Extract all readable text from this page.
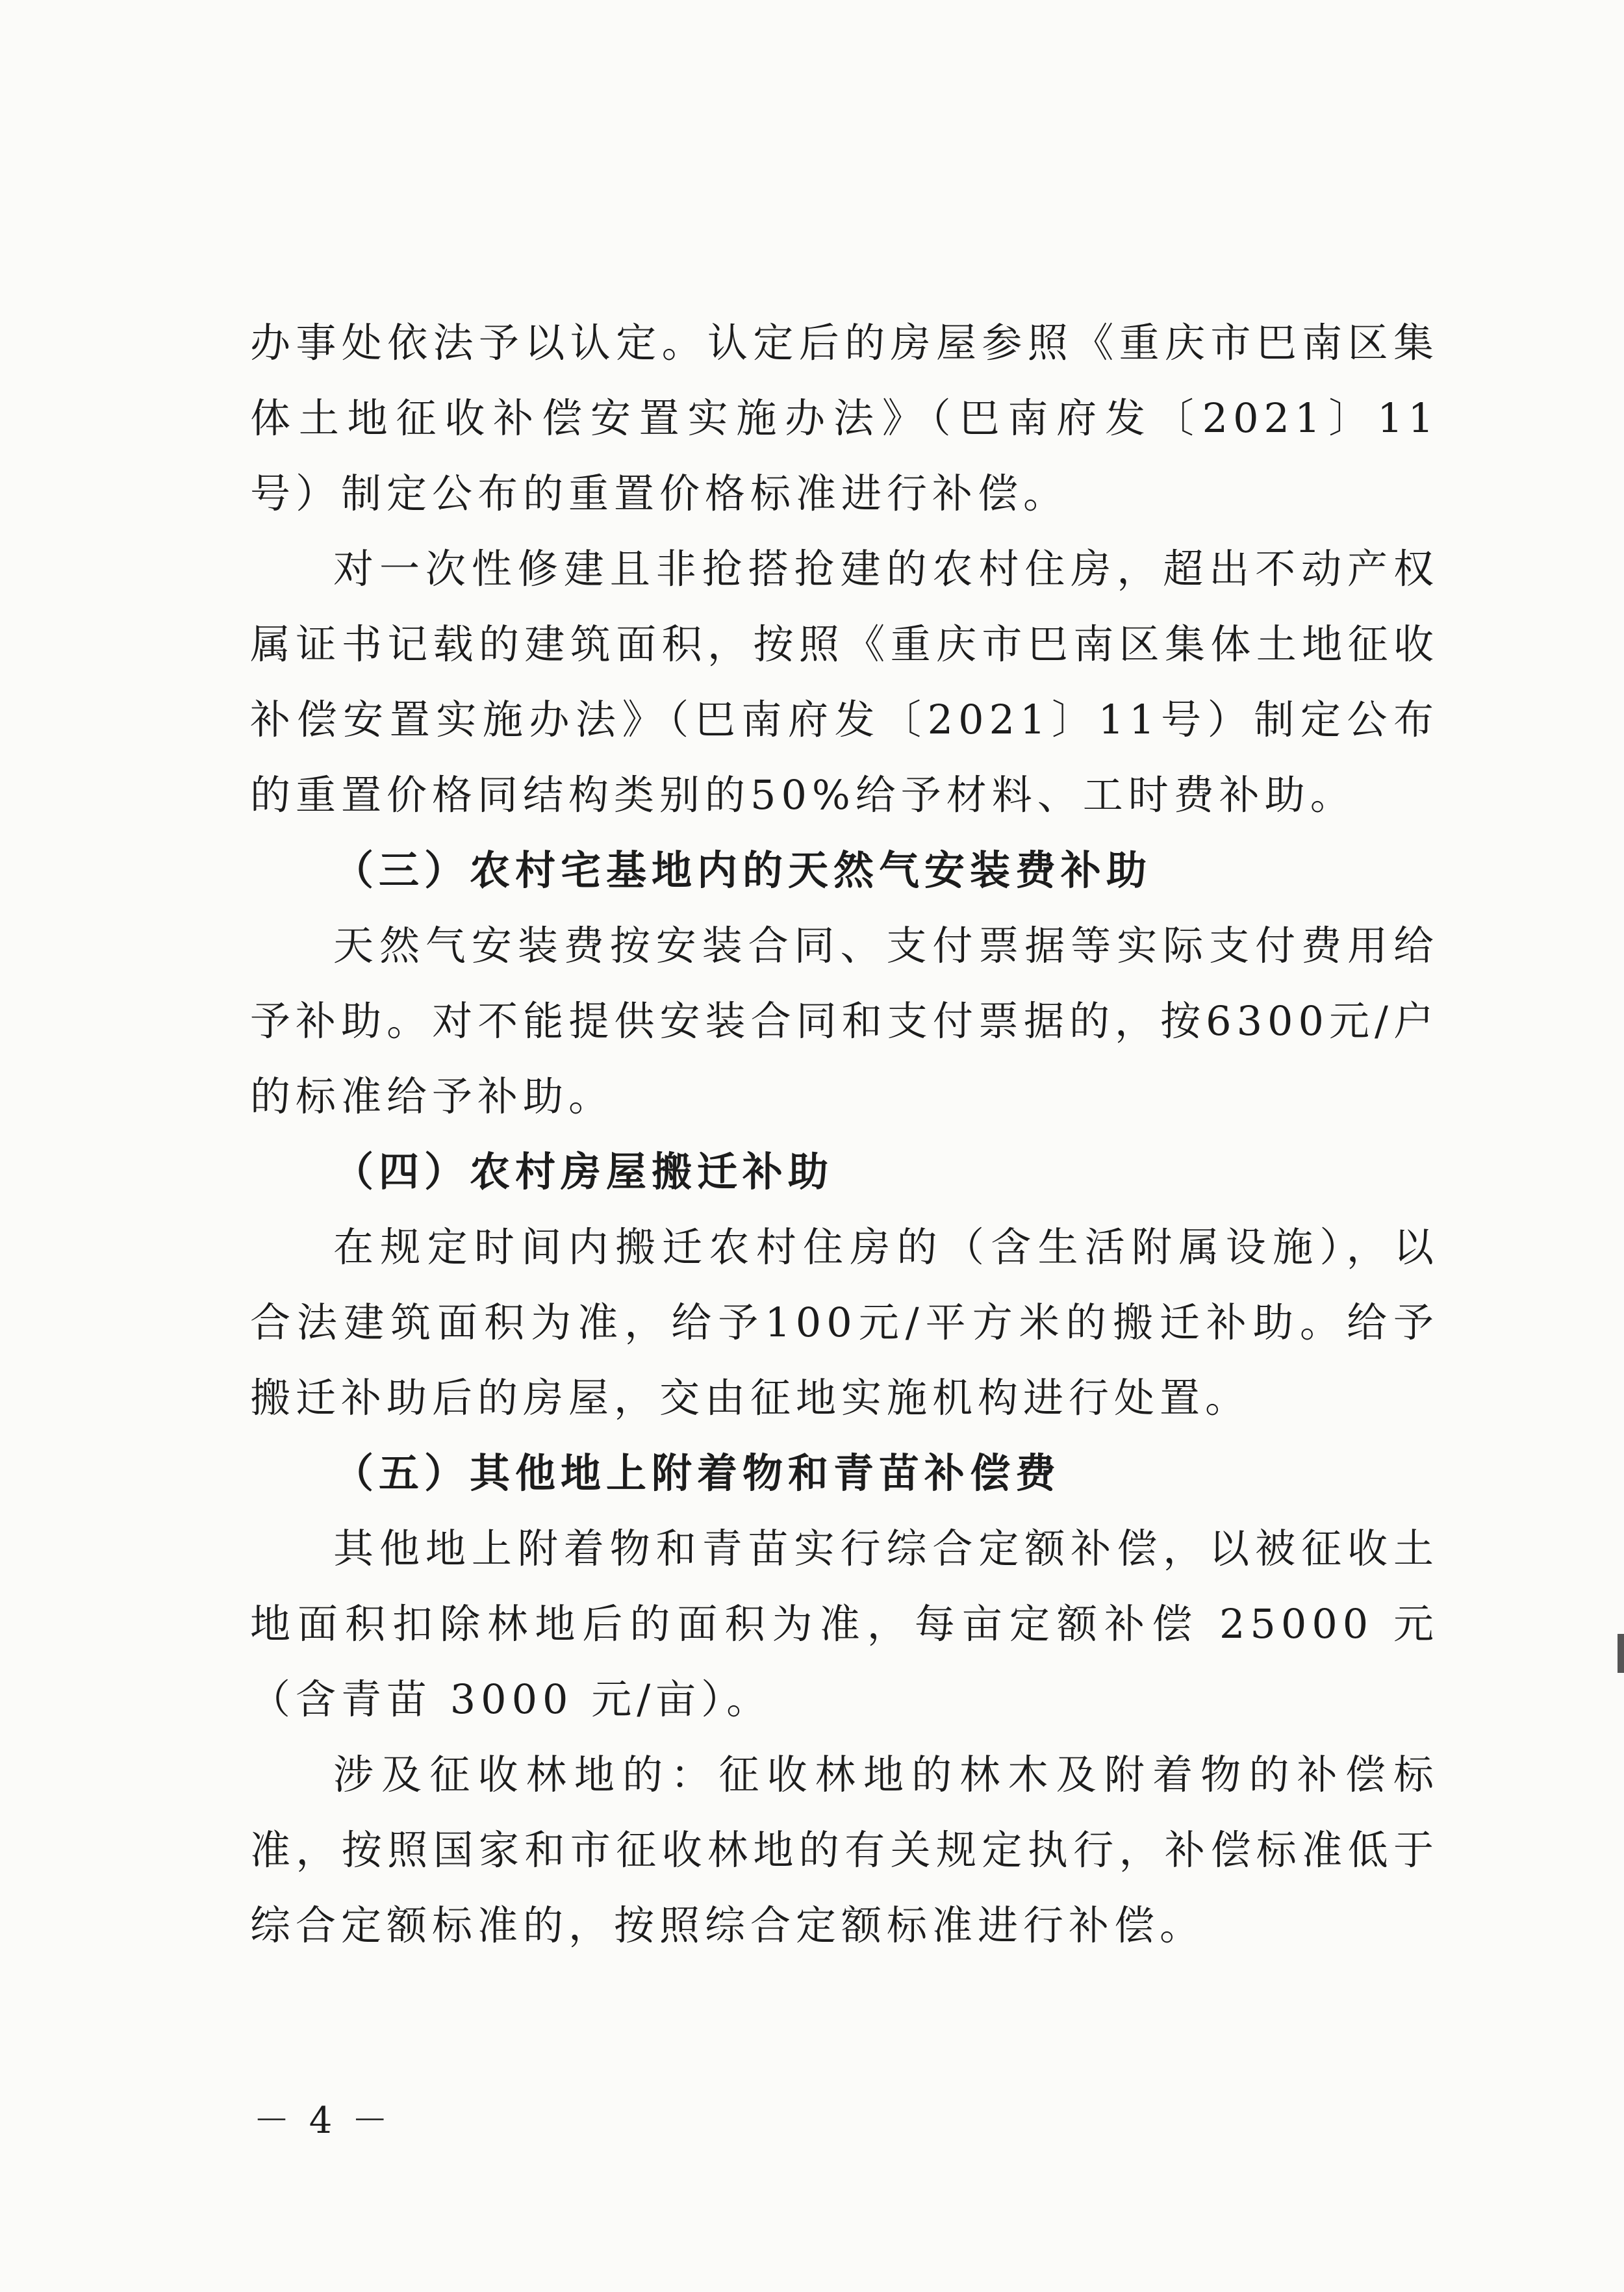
办事处依法予以认定。认定后的房屋参照《重庆市巴南区集体土地征收补偿安置实施办法》（巴南府发〔2021〕11号）制定公布的重置价格标准进行补偿。

对一次性修建且非抢搭抢建的农村住房，超出不动产权属证书记载的建筑面积，按照《重庆市巴南区集体土地征收补偿安置实施办法》（巴南府发〔2021〕11号）制定公布的重置价格同结构类别的50%给予材料、工时费补助。

（三）农村宅基地内的天然气安装费补助

天然气安装费按安装合同、支付票据等实际支付费用给予补助。对不能提供安装合同和支付票据的，按6300元/户的标准给予补助。

（四）农村房屋搬迁补助

在规定时间内搬迁农村住房的（含生活附属设施），以合法建筑面积为准，给予100元/平方米的搬迁补助。给予搬迁补助后的房屋，交由征地实施机构进行处置。

（五）其他地上附着物和青苗补偿费

其他地上附着物和青苗实行综合定额补偿，以被征收土地面积扣除林地后的面积为准，每亩定额补偿 25000 元（含青苗 3000 元/亩）。

涉及征收林地的：征收林地的林木及附着物的补偿标准，按照国家和市征收林地的有关规定执行，补偿标准低于综合定额标准的，按照综合定额标准进行补偿。

－ 4 －
